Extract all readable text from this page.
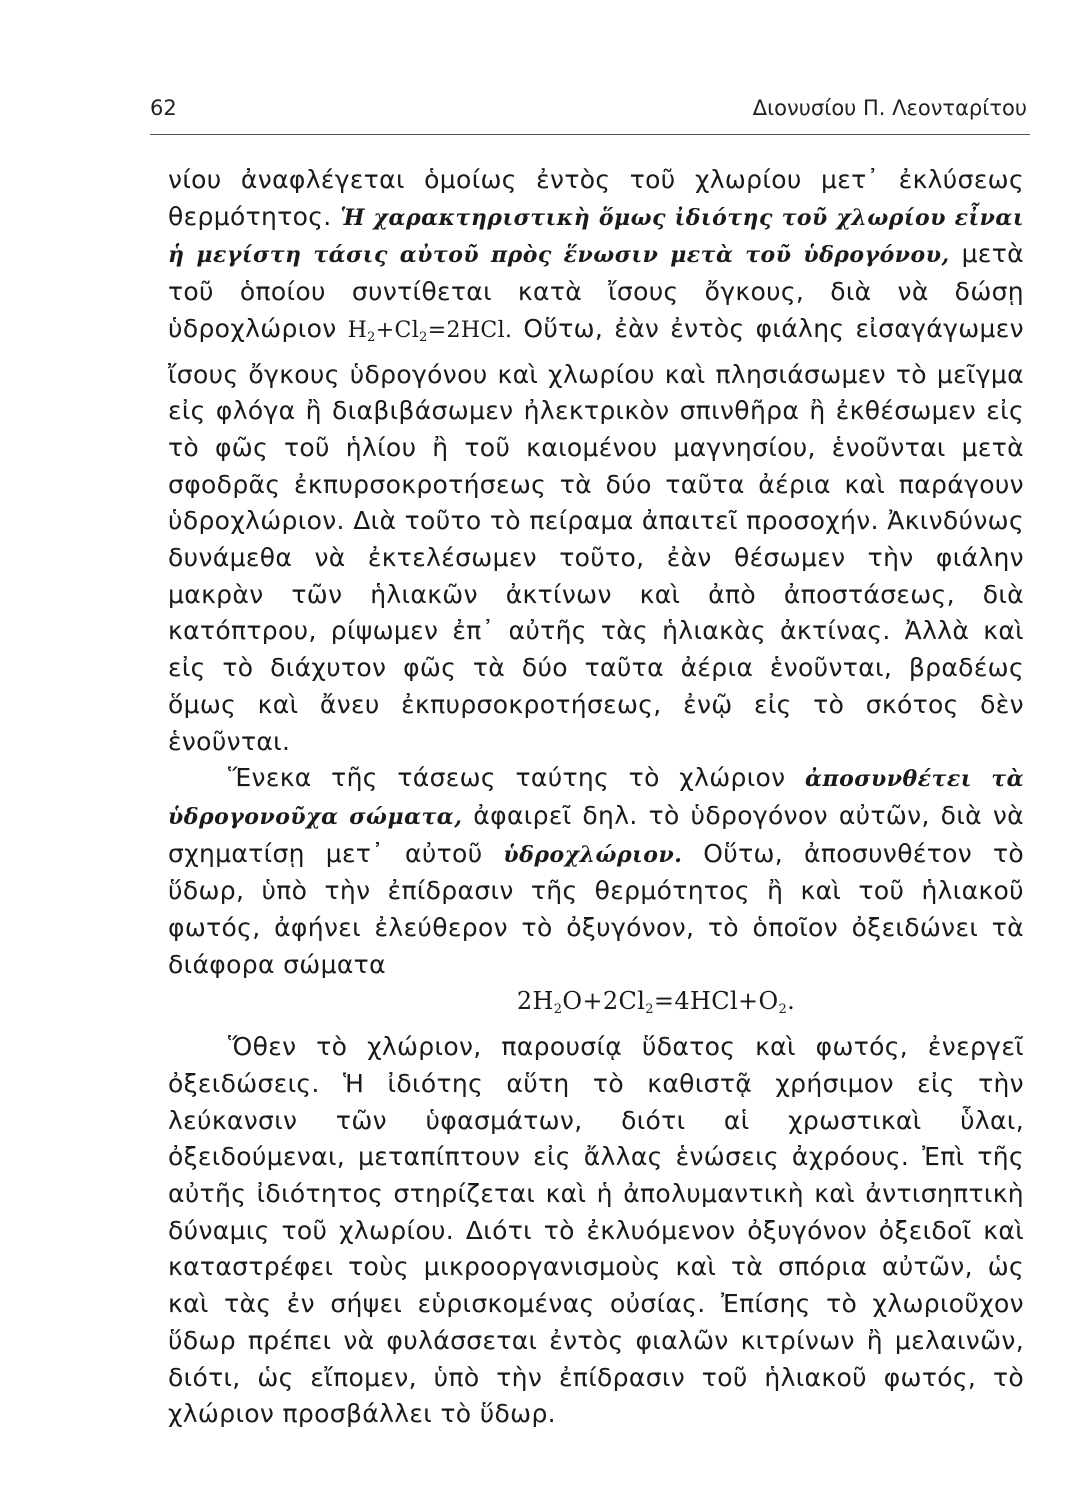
62	Διονυσίου Π. Λεονταρίτου

νίου ἀναφλέγεται ὁμοίως ἐντὸς τοῦ χλωρίου μετ᾽ ἐκλύσεως θερμότητος. Ἡ χαρακτηριστικὴ ὅμως ἰδιότης τοῦ χλωρίου εἶναι ἡ μεγίστη τάσις αὐτοῦ πρὸς ἕνωσιν μετὰ τοῦ ὑδρογόνου, μετὰ τοῦ ὁποίου συντίθεται κατὰ ἴσους ὄγκους, διὰ νὰ δώσῃ ὑδροχλώριον $H_2+Cl_2=2HCl$. Οὕτω, ἐὰν ἐντὸς φιάλης εἰσαγάγωμεν ἴσους ὄγκους ὑδρογόνου καὶ χλωρίου καὶ πλησιάσωμεν τὸ μεῖγμα εἰς φλόγα ἢ διαβιβάσωμεν ἠλεκτρικὸν σπινθῆρα ἢ ἐκθέσωμεν εἰς τὸ φῶς τοῦ ἡλίου ἢ τοῦ καιομένου μαγνησίου, ἑνοῦνται μετὰ σφοδρᾶς ἐκπυρσοκροτήσεως τὰ δύο ταῦτα ἀέρια καὶ παράγουν ὑδροχλώριον. Διὰ τοῦτο τὸ πείραμα ἀπαιτεῖ προσοχήν. Ἀκινδύνως δυνάμεθα νὰ ἐκτελέσωμεν τοῦτο, ἐὰν θέσωμεν τὴν φιάλην μακρὰν τῶν ἡλιακῶν ἀκτίνων καὶ ἀπὸ ἀποστάσεως, διὰ κατόπτρου, ρίψωμεν ἐπ᾽ αὐτῆς τὰς ἡλιακὰς ἀκτίνας. Ἀλλὰ καὶ εἰς τὸ διάχυτον φῶς τὰ δύο ταῦτα ἀέρια ἑνοῦνται, βραδέως ὅμως καὶ ἄνευ ἐκπυρσοκροτήσεως, ἐνῷ εἰς τὸ σκότος δὲν ἑνοῦνται.

Ἕνεκα τῆς τάσεως ταύτης τὸ χλώριον ἀποσυνθέτει τὰ ὑδρογονοῦχα σώματα, ἀφαιρεῖ δηλ. τὸ ὑδρογόνον αὐτῶν, διὰ νὰ σχηματίσῃ μετ᾽ αὐτοῦ ὑδροχλώριον. Οὕτω, ἀποσυνθέτον τὸ ὕδωρ, ὑπὸ τὴν ἐπίδρασιν τῆς θερμότητος ἢ καὶ τοῦ ἡλιακοῦ φωτός, ἀφήνει ἐλεύθερον τὸ ὀξυγόνον, τὸ ὁποῖον ὀξειδώνει τὰ διάφορα σώματα

$2H_2O+2Cl_2=4HCl+O_2$.

Ὅθεν τὸ χλώριον, παρουσίᾳ ὕδατος καὶ φωτός, ἐνεργεῖ ὀξειδώσεις. Ἡ ἰδιότης αὕτη τὸ καθιστᾷ χρήσιμον εἰς τὴν λεύκανσιν τῶν ὑφασμάτων, διότι αἱ χρωστικαὶ ὗλαι, ὀξειδούμεναι, μεταπίπτουν εἰς ἄλλας ἑνώσεις ἀχρόους. Ἐπὶ τῆς αὐτῆς ἰδιότητος στηρίζεται καὶ ἡ ἀπολυμαντικὴ καὶ ἀντισηπτικὴ δύναμις τοῦ χλωρίου. Διότι τὸ ἐκλυόμενον ὀξυγόνον ὀξειδοῖ καὶ καταστρέφει τοὺς μικροοργανισμοὺς καὶ τὰ σπόρια αὐτῶν, ὡς καὶ τὰς ἐν σήψει εὑρισκομένας οὐσίας. Ἐπίσης τὸ χλωριοῦχον ὕδωρ πρέπει νὰ φυλάσσεται ἐντὸς φιαλῶν κιτρίνων ἢ μελαινῶν, διότι, ὡς εἴπομεν, ὑπὸ τὴν ἐπίδρασιν τοῦ ἡλιακοῦ φωτός, τὸ χλώριον προσβάλλει τὸ ὕδωρ.
